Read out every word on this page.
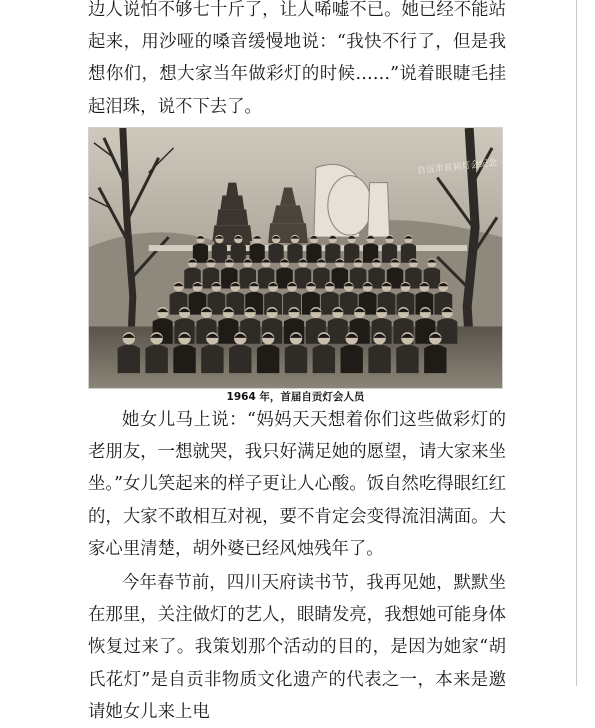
边人说怕不够七十斤了，让人唏嘘不已。她已经不能站起来，用沙哑的嗓音缓慢地说：“我快不行了，但是我想你们，想大家当年做彩灯的时候……”说着眼睫毛挂起泪珠，说不下去了。

自贡市首届灯会纪念
1964 年，首届自贡灯会人员

她女儿马上说：“妈妈天天想着你们这些做彩灯的老朋友，一想就哭，我只好满足她的愿望，请大家来坐坐。”女儿笑起来的样子更让人心酸。饭自然吃得眼红红的，大家不敢相互对视，要不肯定会变得流泪满面。大家心里清楚，胡外婆已经风烛残年了。

今年春节前，四川天府读书节，我再见她，默默坐在那里，关注做灯的艺人，眼睛发亮，我想她可能身体恢复过来了。我策划那个活动的目的，是因为她家“胡氏花灯”是自贡非物质文化遗产的代表之一，本来是邀请她女儿来上电
